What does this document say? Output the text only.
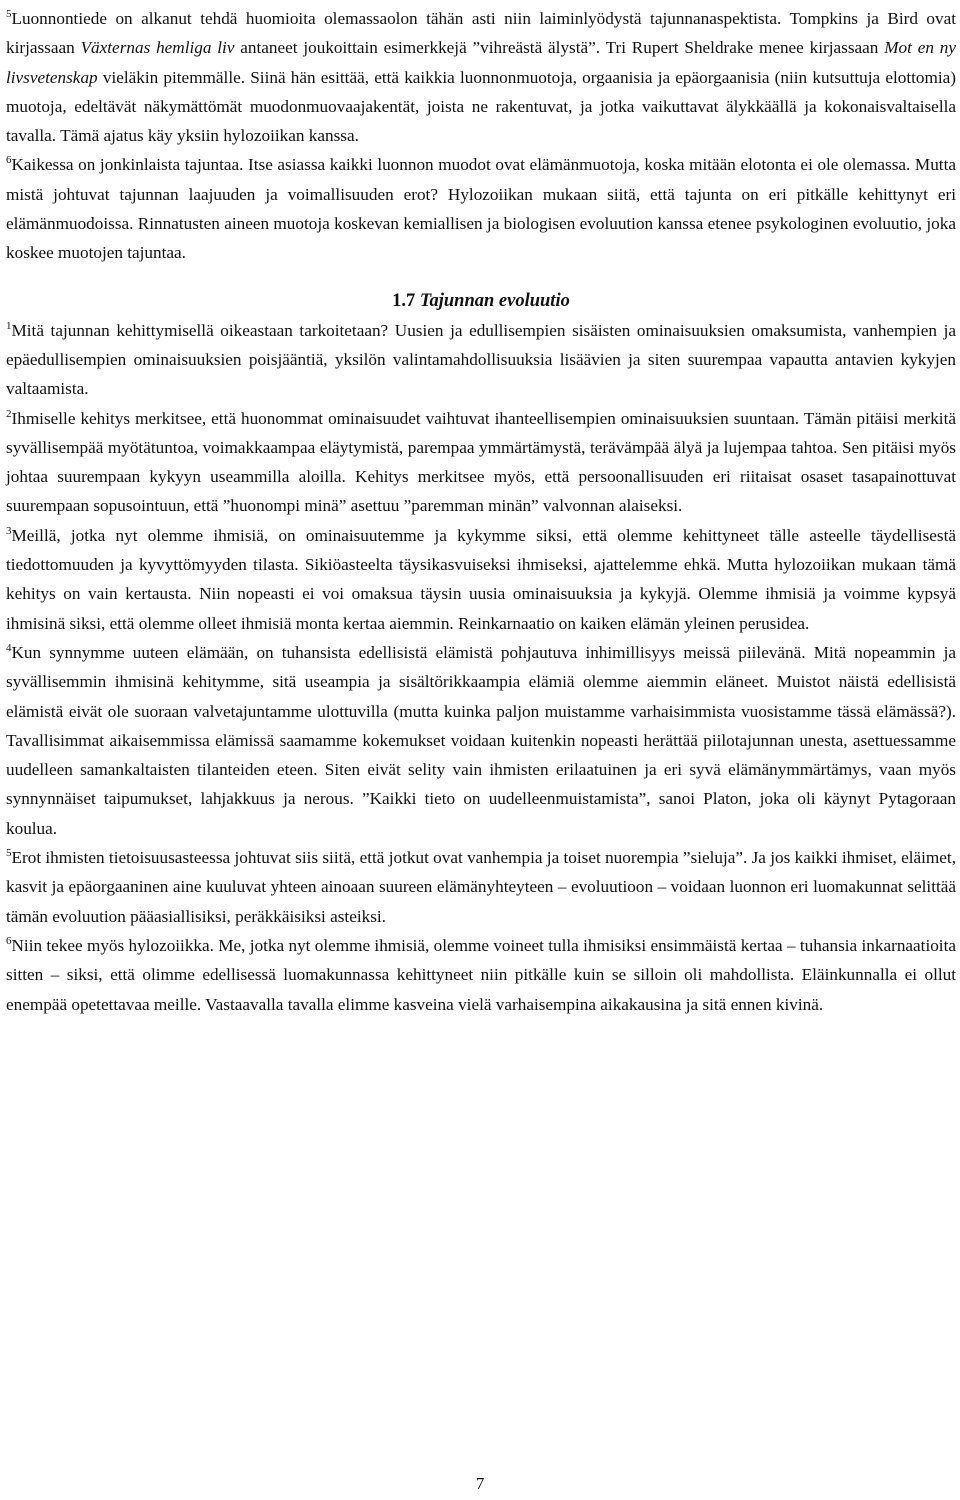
$^5$Luonnontiede on alkanut tehdä huomioita olemassaolon tähän asti niin laiminlyödystä tajunnanaspektista. Tompkins ja Bird ovat kirjassaan Växternas hemliga liv antaneet joukoittain esimerkkejä ”vihreästä älystä”. Tri Rupert Sheldrake menee kirjassaan Mot en ny livsvetenskap vieläkin pitemmälle. Siinä hän esittää, että kaikkia luonnonmuotoja, orgaanisia ja epäorgaanisia (niin kutsuttuja elottomia) muotoja, edeltävät näkymättömät muodonmuovaajakentät, joista ne rakentuvat, ja jotka vaikuttavat älykkäällä ja kokonaisvaltaisella tavalla. Tämä ajatus käy yksiin hylozoiikan kanssa.

$^6$Kaikessa on jonkinlaista tajuntaa. Itse asiassa kaikki luonnon muodot ovat elämänmuotoja, koska mitään elotonta ei ole olemassa. Mutta mistä johtuvat tajunnan laajuuden ja voimallisuuden erot? Hylozoiikan mukaan siitä, että tajunta on eri pitkälle kehittynyt eri elämänmuodoissa. Rinnatusten aineen muotoja koskevan kemiallisen ja biologisen evoluution kanssa etenee psykologinen evoluutio, joka koskee muotojen tajuntaa.

1.7 Tajunnan evoluutio

$^1$Mitä tajunnan kehittymisellä oikeastaan tarkoitetaan? Uusien ja edullisempien sisäisten ominaisuuksien omaksumista, vanhempien ja epäedullisempien ominaisuuksien poisjääntiä, yksilön valintamahdollisuuksia lisäävien ja siten suurempaa vapautta antavien kykyjen valtaamista.

$^2$Ihmiselle kehitys merkitsee, että huonommat ominaisuudet vaihtuvat ihanteellisempien ominaisuuksien suuntaan. Tämän pitäisi merkitä syvällisempää myötätuntoa, voimakkaampaa eläytymistä, parempaa ymmärtämystä, terävämpää älyä ja lujempaa tahtoa. Sen pitäisi myös johtaa suurempaan kykyyn useammilla aloilla. Kehitys merkitsee myös, että persoonallisuuden eri riitaisat osaset tasapainottuvat suurempaan sopusointuun, että ”huonompi minä” asettuu ”paremman minän” valvonnan alaiseksi.

$^3$Meillä, jotka nyt olemme ihmisiä, on ominaisuutemme ja kykymme siksi, että olemme kehittyneet tälle asteelle täydellisestä tiedottomuuden ja kyvyttömyyden tilasta. Sikiöasteelta täysikasvuiseksi ihmiseksi, ajattelemme ehkä. Mutta hylozoiikan mukaan tämä kehitys on vain kertausta. Niin nopeasti ei voi omaksua täysin uusia ominaisuuksia ja kykyjä. Olemme ihmisiä ja voimme kypsyä ihmisinä siksi, että olemme olleet ihmisiä monta kertaa aiemmin. Reinkarnaatio on kaiken elämän yleinen perusidea.

$^4$Kun synnymme uuteen elämään, on tuhansista edellisistä elämistä pohjautuva inhimillisyys meissä piilevänä. Mitä nopeammin ja syvällisemmin ihmisinä kehitymme, sitä useampia ja sisältörikkaampia elämiä olemme aiemmin eläneet. Muistot näistä edellisistä elämistä eivät ole suoraan valvetajuntamme ulottuvilla (mutta kuinka paljon muistamme varhaisimmista vuosistamme tässä elämässä?). Tavallisimmat aikaisemmissa elämissä saamamme kokemukset voidaan kuitenkin nopeasti herättää piilotajunnan unesta, asettuessamme uudelleen samankaltaisten tilanteiden eteen. Siten eivät selity vain ihmisten erilaatuinen ja eri syvä elämänymmärtämys, vaan myös synnynnäiset taipumukset, lahjakkuus ja nerous. ”Kaikki tieto on uudelleenmuistamista”, sanoi Platon, joka oli käynyt Pytagoraan koulua.

$^5$Erot ihmisten tietoisuusasteessa johtuvat siis siitä, että jotkut ovat vanhempia ja toiset nuorempia ”sieluja”. Ja jos kaikki ihmiset, eläimet, kasvit ja epäorgaaninen aine kuuluvat yhteen ainoaan suureen elämänyhteyteen – evoluutioon – voidaan luonnon eri luomakunnat selittää tämän evoluution pääasiallisiksi, peräkkäisiksi asteiksi.

$^6$Niin tekee myös hylozoiikka. Me, jotka nyt olemme ihmisiä, olemme voineet tulla ihmisiksi ensimmäistä kertaa – tuhansia inkarnaatioita sitten – siksi, että olimme edellisessä luomakunnassa kehittyneet niin pitkälle kuin se silloin oli mahdollista. Eläinkunnalla ei ollut enempää opetettavaa meille. Vastaavalla tavalla elimme kasveina vielä varhaisempina aikakausina ja sitä ennen kivinä.

7
